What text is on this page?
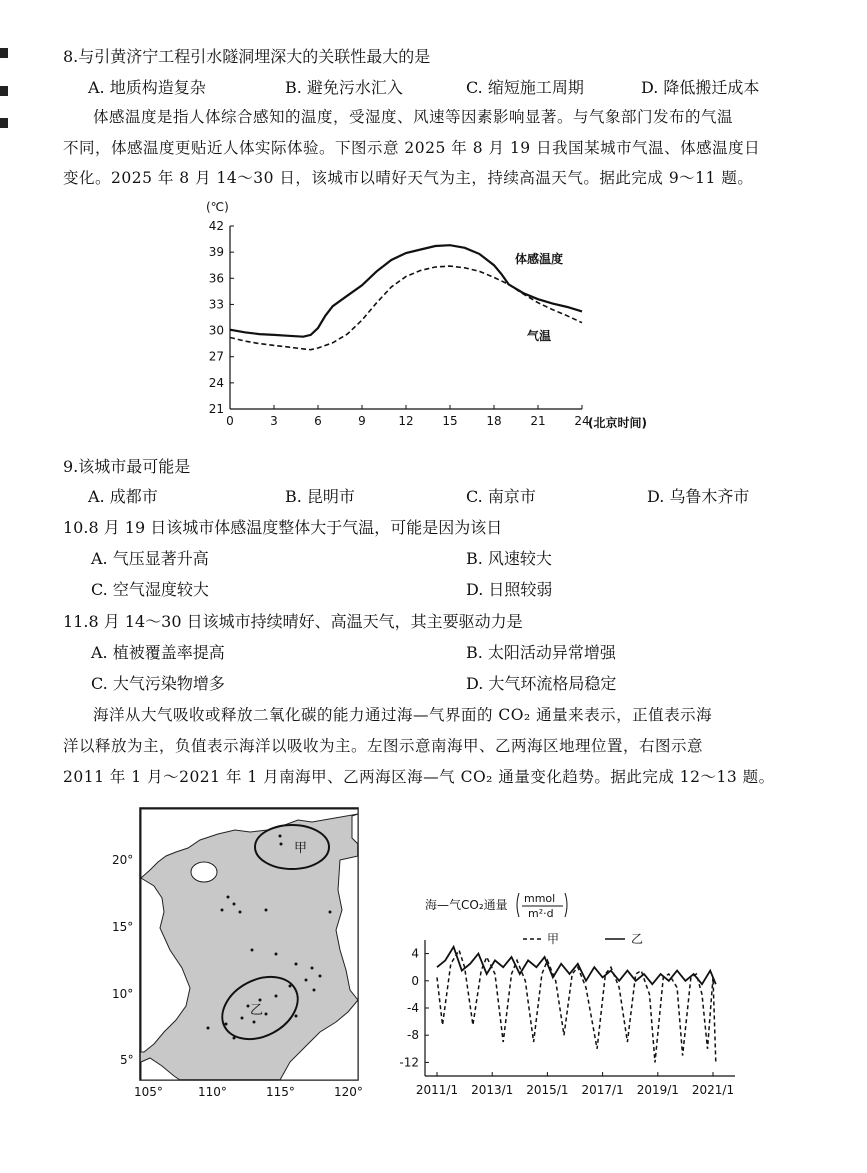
8.与引黄济宁工程引水隧洞埋深大的关联性最大的是
A. 地质构造复杂	B. 避免污水汇入	C. 缩短施工周期	D. 降低搬迁成本
体感温度是指人体综合感知的温度，受湿度、风速等因素影响显著。与气象部门发布的气温
不同，体感温度更贴近人体实际体验。下图示意 2025 年 8 月 19 日我国某城市气温、体感温度日
变化。2025 年 8 月 14～30 日，该城市以晴好天气为主，持续高温天气。据此完成 9～11 题。
(℃)
42
39
36
33
30
27
24
21
0	3	6	9	12 15 18 21 24
(北京时间)
体感温度
气温
9.该城市最可能是
A. 成都市	B. 昆明市	C. 南京市	D. 乌鲁木齐市
10.8 月 19 日该城市体感温度整体大于气温，可能是因为该日
A. 气压显著升高	B. 风速较大
C. 空气湿度较大	D. 日照较弱
11.8 月 14～30 日该城市持续晴好、高温天气，其主要驱动力是
A. 植被覆盖率提高	B. 太阳活动异常增强
C. 大气污染物增多	D. 大气环流格局稳定
海洋从大气吸收或释放二氧化碳的能力通过海—气界面的 CO₂ 通量来表示，正值表示海
洋以释放为主，负值表示海洋以吸收为主。左图示意南海甲、乙两海区地理位置，右图示意
2011 年 1 月～2021 年 1 月南海甲、乙两海区海—气 CO₂ 通量变化趋势。据此完成 12～13 题。
甲
乙
20°
15°
10°
5°
105°	110°	115°	120°
海—气CO₂通量 mmol
m²·d
甲	乙
4
0
-4
-8
-12
2011/1 2013/1 2015/1 2017/1 2019/1 2021/1
